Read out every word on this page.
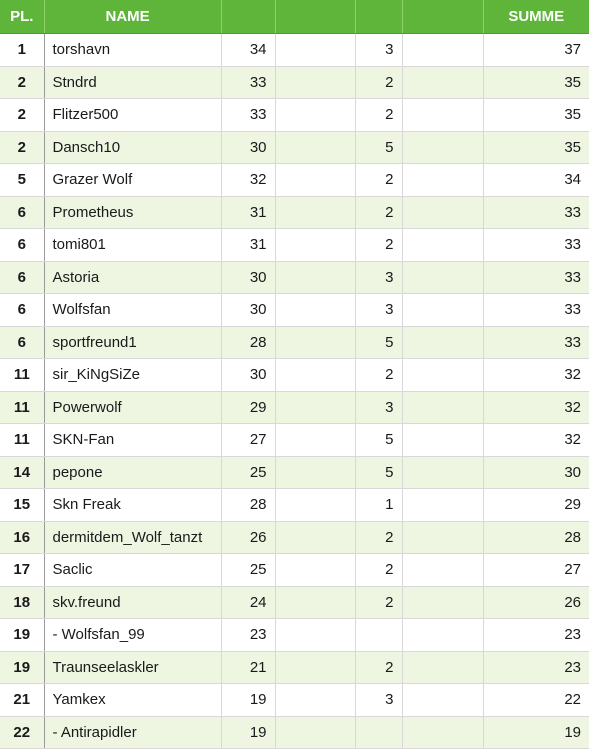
PL.	NAME					SUMME
1	torshavn	34		3		37
2	Stndrd	33		2		35
2	Flitzer500	33		2		35
2	Dansch10	30		5		35
5	Grazer Wolf	32		2		34
6	Prometheus	31		2		33
6	tomi801	31		2		33
6	Astoria	30		3		33
6	Wolfsfan	30		3		33
6	sportfreund1	28		5		33
11	sir_KiNgSiZe	30		2		32
11	Powerwolf	29		3		32
11	SKN-Fan	27		5		32
14	pepone	25		5		30
15	Skn Freak	28		1		29
16	dermitdem_Wolf_tanzt	26		2		28
17	Saclic	25		2		27
18	skv.freund	24		2		26
19	- Wolfsfan_99	23				23
19	Traunseelaskler	21		2		23
21	Yamkex	19		3		22
22	- Antirapidler	19				19
